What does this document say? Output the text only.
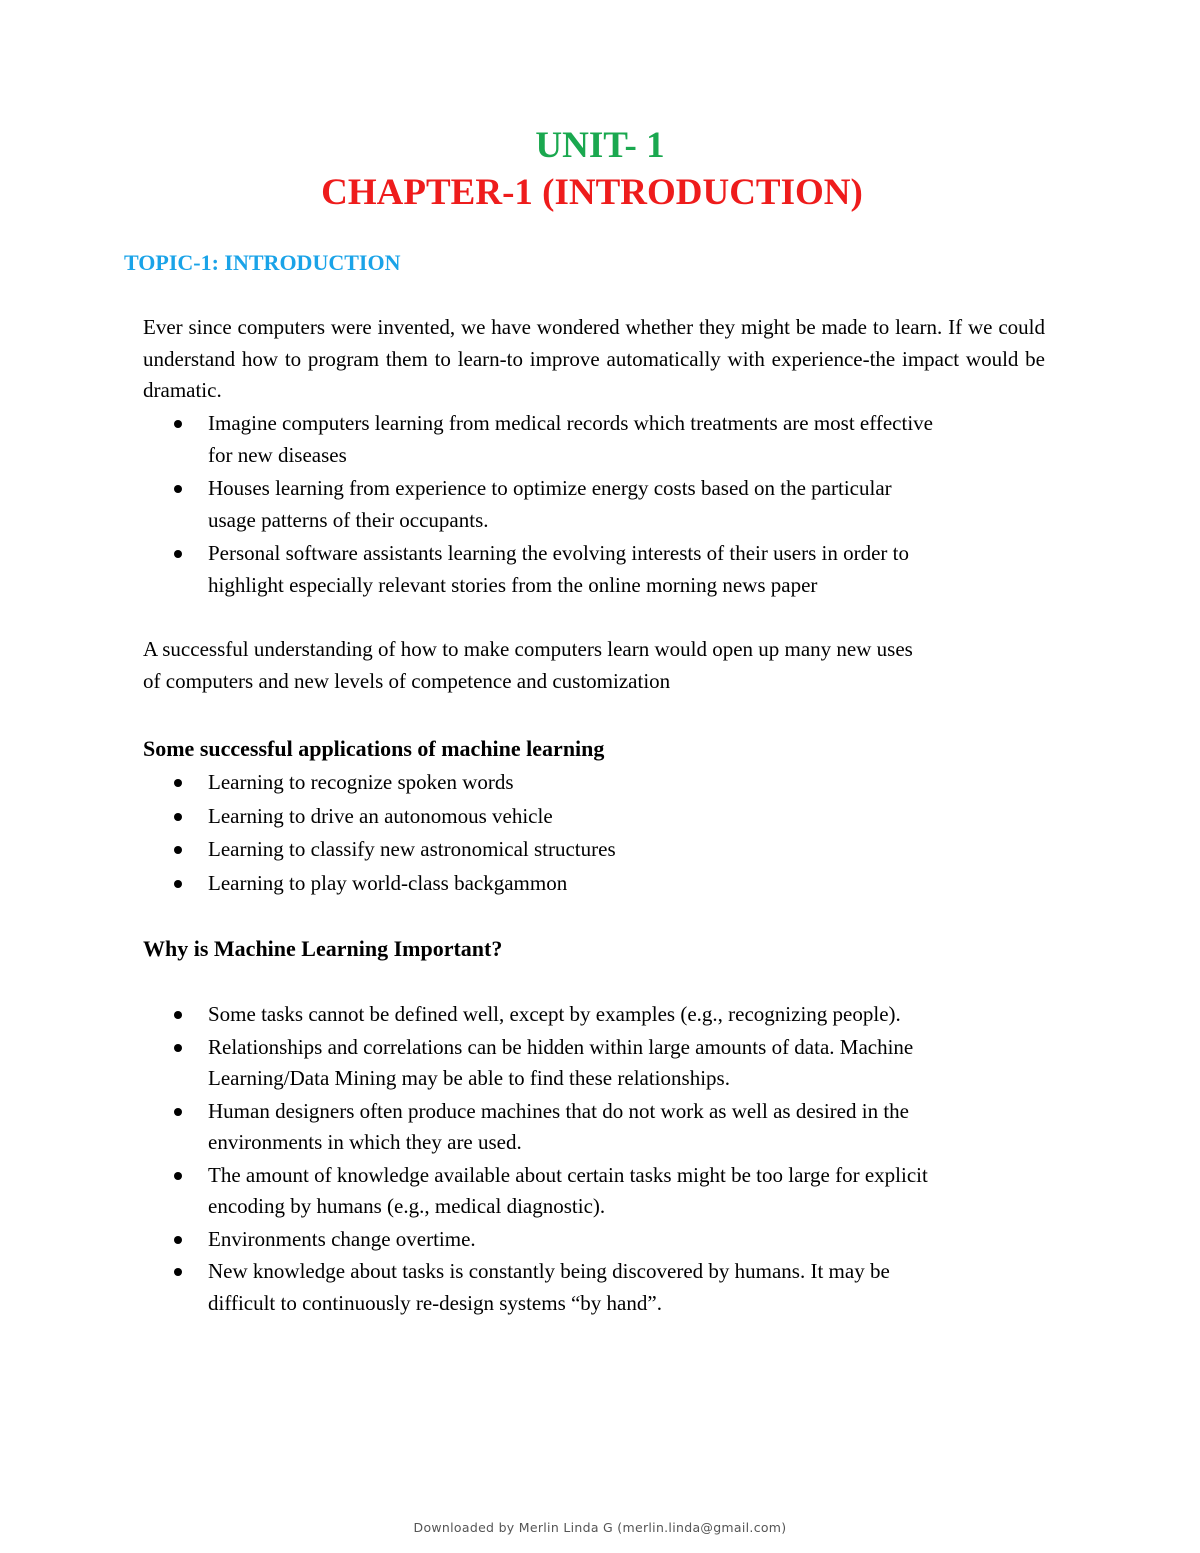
UNIT- 1
CHAPTER-1 (INTRODUCTION)
TOPIC-1: INTRODUCTION
Ever since computers were invented, we have wondered whether they might be made to learn. If we could understand how to program them to learn-to improve automatically with experience-the impact would be dramatic.
Imagine computers learning from medical records which treatments are most effective
for new diseases
Houses learning from experience to optimize energy costs based on the particular
usage patterns of their occupants.
Personal software assistants learning the evolving interests of their users in order to
highlight especially relevant stories from the online morning news paper
A successful understanding of how to make computers learn would open up many new uses
of computers and new levels of competence and customization
Some successful applications of machine learning
Learning to recognize spoken words
Learning to drive an autonomous vehicle
Learning to classify new astronomical structures
Learning to play world-class backgammon
Why is Machine Learning Important?
Some tasks cannot be defined well, except by examples (e.g., recognizing people).
Relationships and correlations can be hidden within large amounts of data. Machine
Learning/Data Mining may be able to find these relationships.
Human designers often produce machines that do not work as well as desired in the
environments in which they are used.
The amount of knowledge available about certain tasks might be too large for explicit
encoding by humans (e.g., medical diagnostic).
Environments change overtime.
New knowledge about tasks is constantly being discovered by humans. It may be
difficult to continuously re-design systems “by hand”.
Downloaded by Merlin Linda G (merlin.linda@gmail.com)
